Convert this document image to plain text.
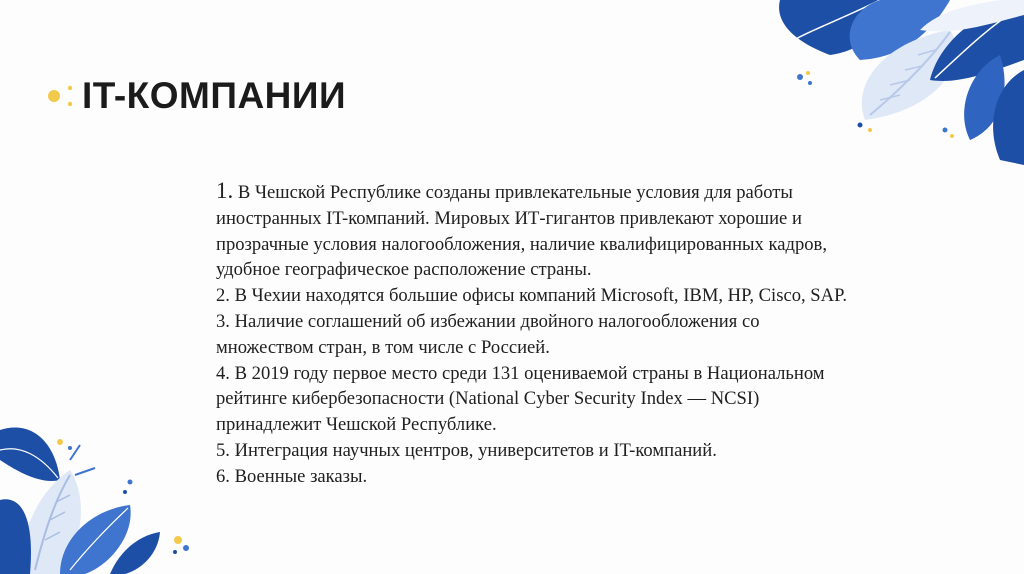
IT-КОМПАНИИ

1. В Чешской Республике созданы привлекательные условия для работы иностранных IT-компаний. Мировых ИТ-гигантов привлекают хорошие и прозрачные условия налогообложения, наличие квалифицированных кадров, удобное географическое расположение страны.

2. В Чехии находятся большие офисы компаний Microsoft, IBM, HP, Cisco, SAP.

3. Наличие соглашений об избежании двойного налогообложения со множеством стран, в том числе с Россией.

4. В 2019 году первое место среди 131 оцениваемой страны в Национальном рейтинге кибербезопасности (National Cyber Security Index — NCSI) принадлежит Чешской Республике.

5. Интеграция научных центров, университетов и IT-компаний.

6. Военные заказы.
